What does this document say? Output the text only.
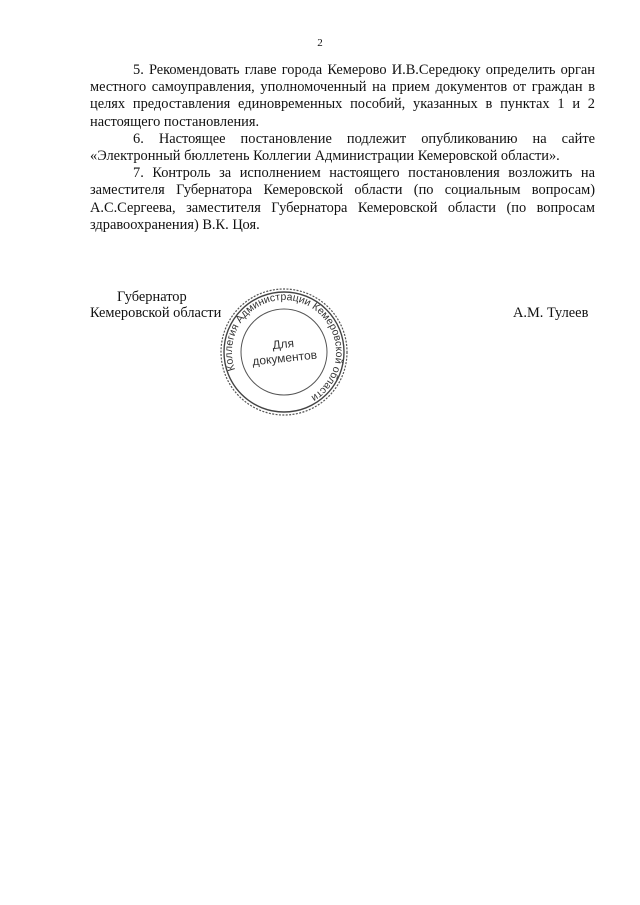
2

5. Рекомендовать главе города Кемерово И.В.Середюку определить орган местного самоуправления, уполномоченный на прием документов от граждан в целях предоставления единовременных пособий, указанных в пунктах 1 и 2 настоящего постановления.

6. Настоящее постановление подлежит опубликованию на сайте «Электронный бюллетень Коллегии Администрации Кемеровской области».

7. Контроль за исполнением настоящего постановления возложить на заместителя Губернатора Кемеровской области (по социальным вопросам) А.С.Сергеева, заместителя Губернатора Кемеровской области (по вопросам здравоохранения) В.К. Цоя.

Губернатор
Кемеровской области	А.М. Тулеев
Коллегия Администрации Кемеровской области
Для
документов
